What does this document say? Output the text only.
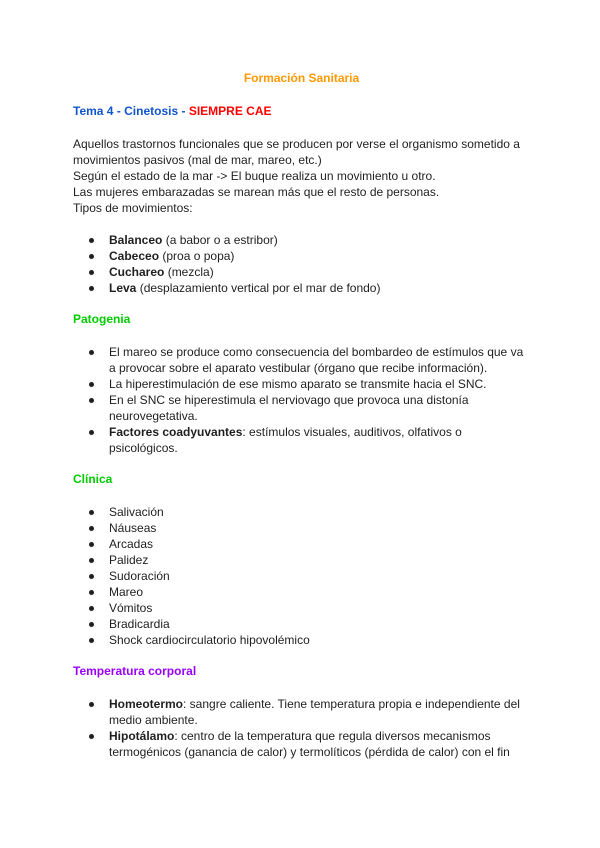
Formación Sanitaria
Tema 4 - Cinetosis - SIEMPRE CAE
Aquellos trastornos funcionales que se producen por verse el organismo sometido a
movimientos pasivos (mal de mar, mareo, etc.)
Según el estado de la mar -> El buque realiza un movimiento u otro.
Las mujeres embarazadas se marean más que el resto de personas.
Tipos de movimientos:
Balanceo (a babor o a estribor)
Cabeceo (proa o popa)
Cuchareo (mezcla)
Leva (desplazamiento vertical por el mar de fondo)
Patogenia
El mareo se produce como consecuencia del bombardeo de estímulos que va
a provocar sobre el aparato vestibular (órgano que recibe información).
La hiperestimulación de ese mismo aparato se transmite hacia el SNC.
En el SNC se hiperestimula el nerviovago que provoca una distonía
neurovegetativa.
Factores coadyuvantes: estímulos visuales, auditivos, olfativos o
psicológicos.
Clínica
Salivación
Náuseas
Arcadas
Palidez
Sudoración
Mareo
Vómitos
Bradicardia
Shock cardiocirculatorio hipovolémico
Temperatura corporal
Homeotermo: sangre caliente. Tiene temperatura propia e independiente del
medio ambiente.
Hipotálamo: centro de la temperatura que regula diversos mecanismos
termogénicos (ganancia de calor) y termolíticos (pérdida de calor) con el fin
